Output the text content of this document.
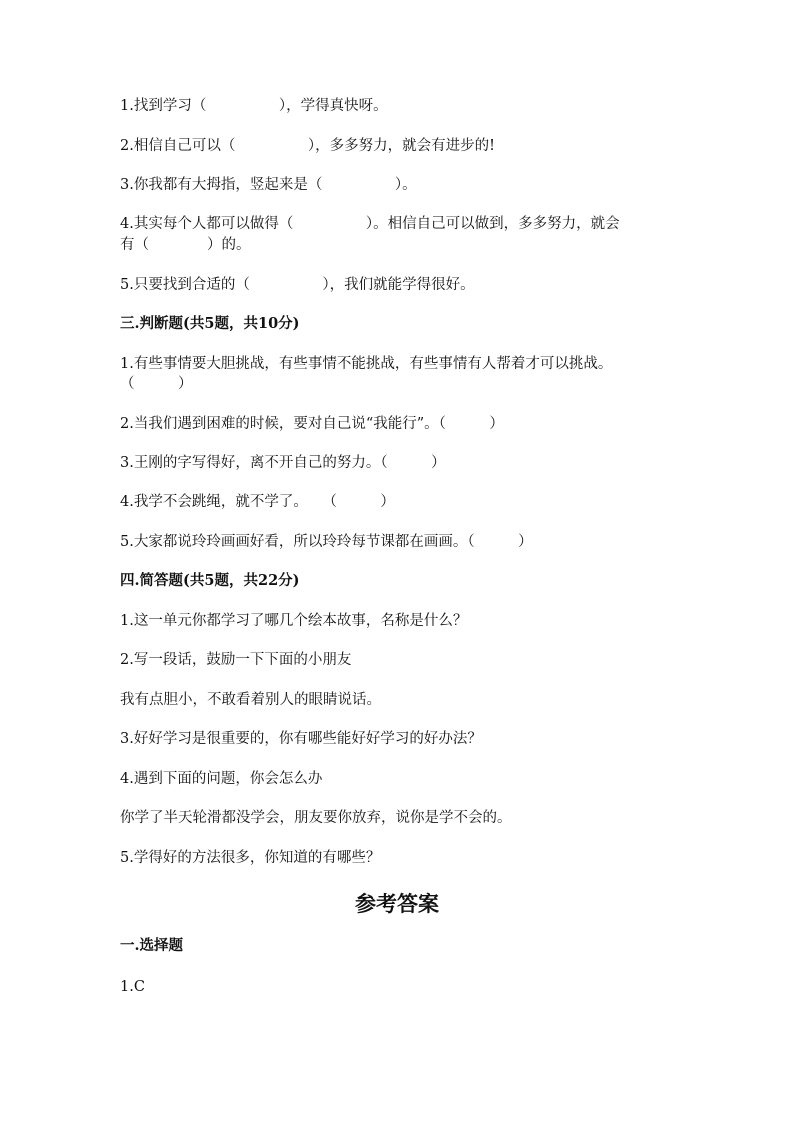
1.找到学习（　　　　　），学得真快呀。
2.相信自己可以（　　　　　），多多努力，就会有进步的!
3.你我都有大拇指，竖起来是（　　　　　）。
4.其实每个人都可以做得（　　　　　）。相信自己可以做到，多多努力，就会
有（　　　　）的。
5.只要找到合适的（　　　　　），我们就能学得很好。
三.判断题(共5题，共10分)
1.有些事情要大胆挑战，有些事情不能挑战，有些事情有人帮着才可以挑战。
（　　　）
2.当我们遇到困难的时候，要对自己说“我能行”。（　　　）
3.王刚的字写得好，离不开自己的努力。（　　　）
4.我学不会跳绳，就不学了。　　（　　　）
5.大家都说玲玲画画好看，所以玲玲每节课都在画画。（　　　）
四.简答题(共5题，共22分)
1.这一单元你都学习了哪几个绘本故事，名称是什么？
2.写一段话，鼓励一下下面的小朋友
我有点胆小，不敢看着别人的眼睛说话。
3.好好学习是很重要的，你有哪些能好好学习的好办法？
4.遇到下面的问题，你会怎么办
你学了半天轮滑都没学会，朋友要你放弃，说你是学不会的。
5.学得好的方法很多，你知道的有哪些？
参考答案
一.选择题
1.C
